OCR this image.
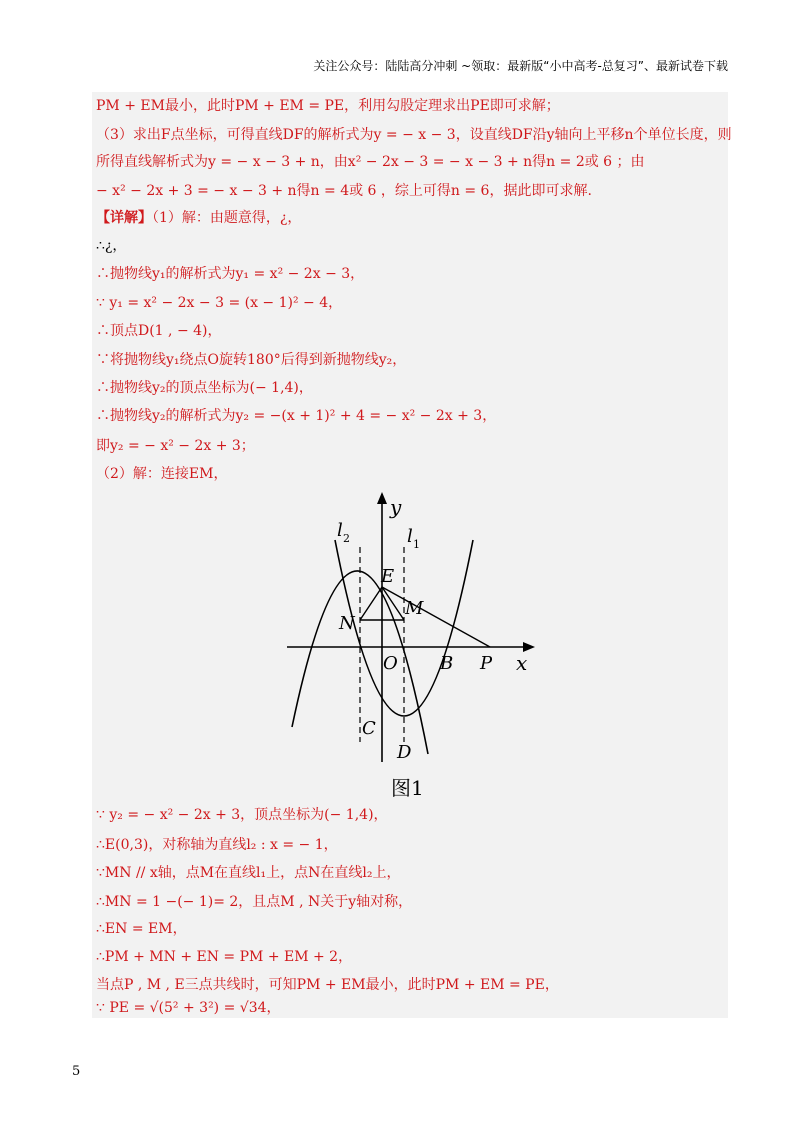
关注公众号：陆陆高分冲刺 ~领取：最新版“小中高考-总复习”、最新试卷下载
PM + EM最小，此时PM + EM = PE，利用勾股定理求出PE即可求解；
（3）求出F点坐标，可得直线DF的解析式为y = − x − 3，设直线DF沿y轴向上平移n个单位长度，则
所得直线解析式为y = − x − 3 + n，由x² − 2x − 3 = − x − 3 + n得n = 2或 6 ；由
− x² − 2x + 3 = − x − 3 + n得n = 4或 6 ，综上可得n = 6，据此即可求解.
【详解】（1）解：由题意得，¿，
∴¿，
∴抛物线y₁的解析式为y₁ = x² − 2x − 3，
∵ y₁ = x² − 2x − 3 = (x − 1)² − 4，
∴顶点D(1 , − 4)，
∵将抛物线y₁绕点O旋转180°后得到新抛物线y₂，
∴抛物线y₂的顶点坐标为(− 1,4)，
∴抛物线y₂的解析式为y₂ = −(x + 1)² + 4 = − x² − 2x + 3，
即y₂ = − x² − 2x + 3；
（2）解：连接EM，
y
x
l 2	l 1
E
M
N
O B P
C
D
图1
∵ y₂ = − x² − 2x + 3，顶点坐标为(− 1,4)，
∴E(0,3)，对称轴为直线l₂ : x = − 1，
∵MN // x轴，点M在直线l₁上，点N在直线l₂上，
∴MN = 1 −(− 1)= 2，且点M , N关于y轴对称，
∴EN = EM，
∴PM + MN + EN = PM + EM + 2，
当点P , M , E三点共线时，可知PM + EM最小，此时PM + EM = PE，
∵ PE = √(5² + 3²) = √34，
5
